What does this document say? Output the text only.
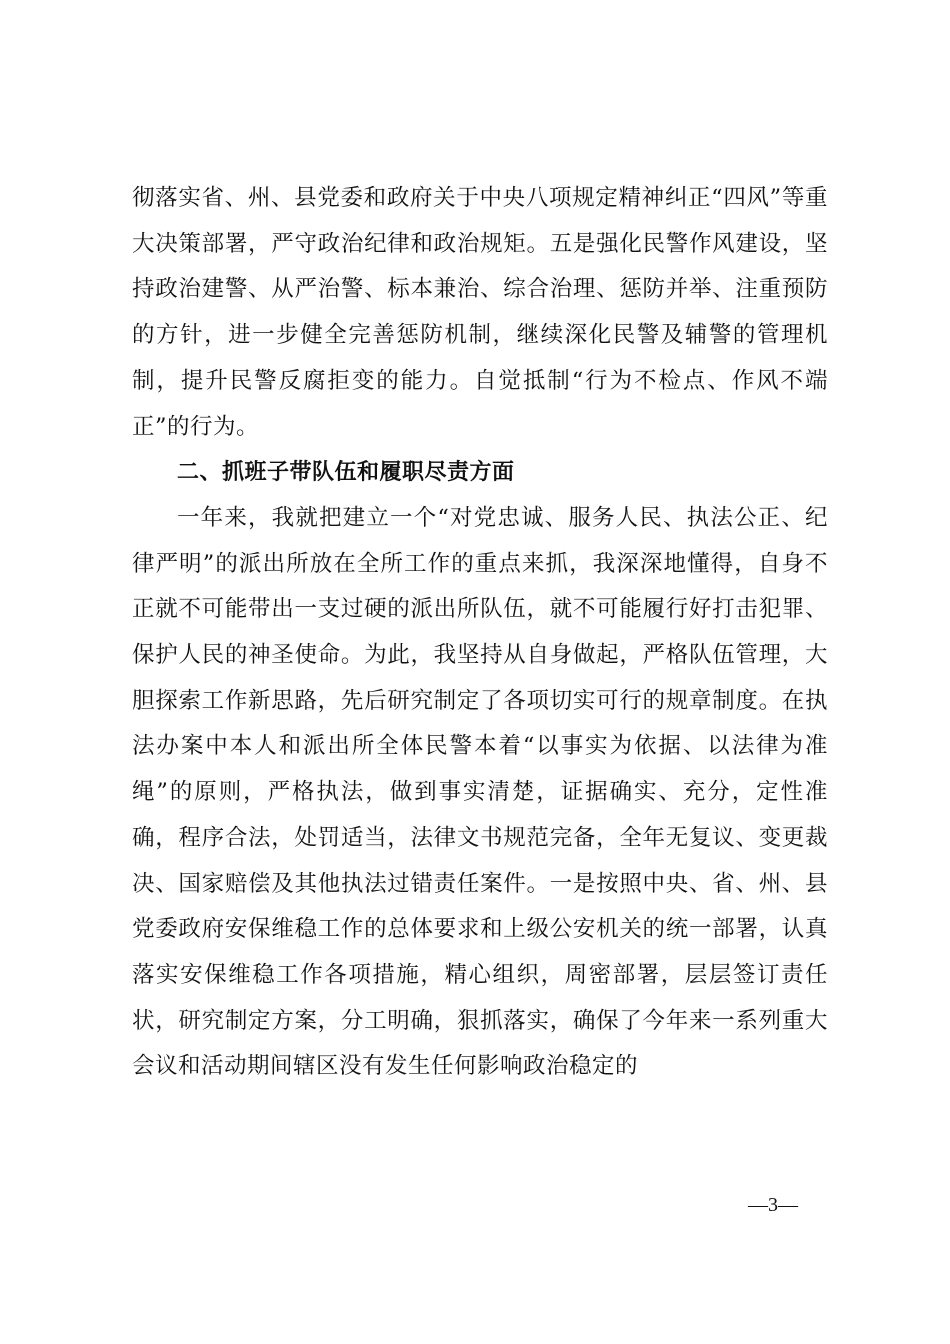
彻落实省、州、县党委和政府关于中央八项规定精神纠正“四风”等重大决策部署，严守政治纪律和政治规矩。五是强化民警作风建设，坚持政治建警、从严治警、标本兼治、综合治理、惩防并举、注重预防的方针，进一步健全完善惩防机制，继续深化民警及辅警的管理机制，提升民警反腐拒变的能力。自觉抵制“行为不检点、作风不端正”的行为。

二、抓班子带队伍和履职尽责方面

一年来，我就把建立一个“对党忠诚、服务人民、执法公正、纪律严明”的派出所放在全所工作的重点来抓，我深深地懂得，自身不正就不可能带出一支过硬的派出所队伍，就不可能履行好打击犯罪、保护人民的神圣使命。为此，我坚持从自身做起，严格队伍管理，大胆探索工作新思路，先后研究制定了各项切实可行的规章制度。在执法办案中本人和派出所全体民警本着“以事实为依据、以法律为准绳”的原则，严格执法，做到事实清楚，证据确实、充分，定性准确，程序合法，处罚适当，法律文书规范完备，全年无复议、变更裁决、国家赔偿及其他执法过错责任案件。一是按照中央、省、州、县党委政府安保维稳工作的总体要求和上级公安机关的统一部署，认真落实安保维稳工作各项措施，精心组织，周密部署，层层签订责任状，研究制定方案，分工明确，狠抓落实，确保了今年来一系列重大会议和活动期间辖区没有发生任何影响政治稳定的

—3—
